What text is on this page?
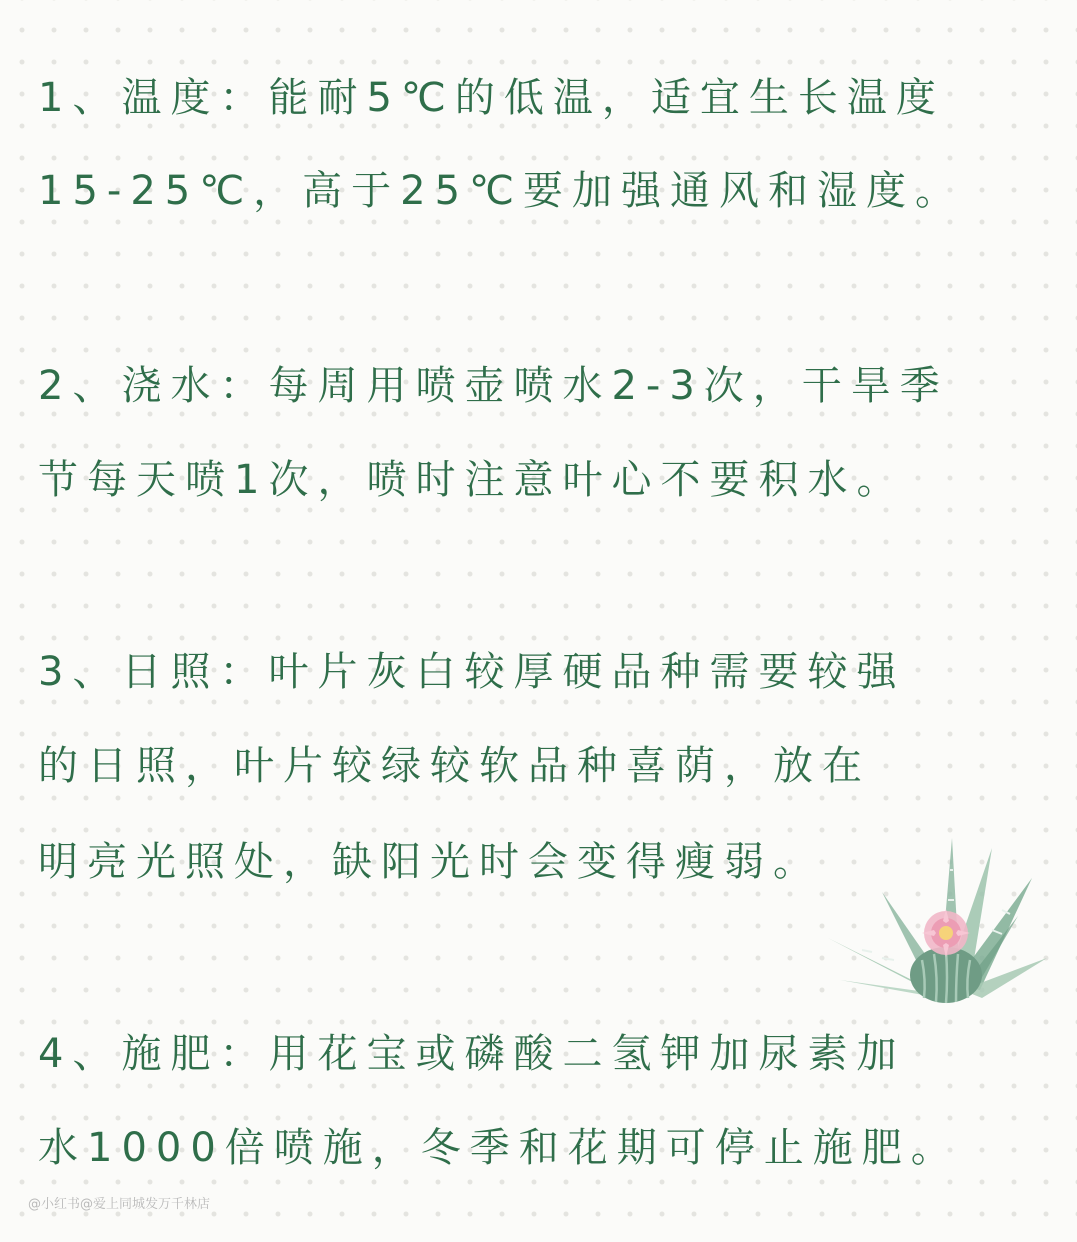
1、温度：能耐5℃的低温，适宜生长温度
15-25℃，高于25℃要加强通风和湿度。
2、浇水：每周用喷壶喷水2-3次，干旱季
节每天喷1次，喷时注意叶心不要积水。
3、日照：叶片灰白较厚硬品种需要较强
的日照，叶片较绿较软品种喜荫，放在
明亮光照处，缺阳光时会变得瘦弱。
4、施肥：用花宝或磷酸二氢钾加尿素加
水1000倍喷施，冬季和花期可停止施肥。
@小红书@爱上同城发万千林店
